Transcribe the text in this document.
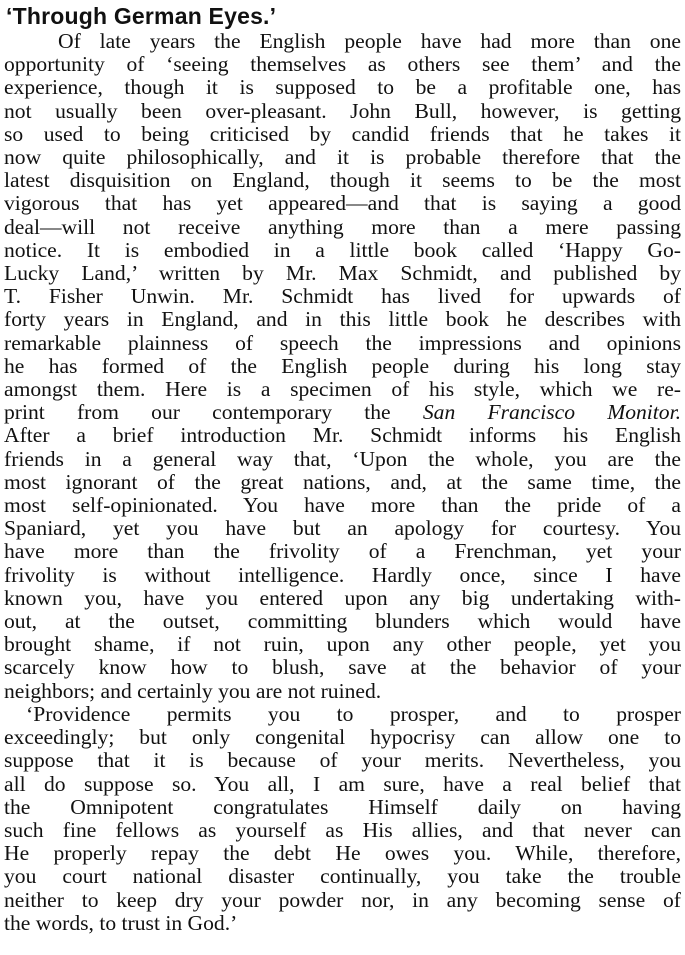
‘Through German Eyes.’
Of late years the English people have had more than one
opportunity of ‘seeing themselves as others see them’ and the
experience, though it is supposed to be a profitable one, has
not usually been over-pleasant. John Bull, however, is getting
so used to being criticised by candid friends that he takes it
now quite philosophically, and it is probable therefore that the
latest disquisition on England, though it seems to be the most
vigorous that has yet appeared—and that is saying a good
deal—will not receive anything more than a mere passing
notice. It is embodied in a little book called ‘Happy Go-
Lucky Land,’ written by Mr. Max Schmidt, and published by
T. Fisher Unwin. Mr. Schmidt has lived for upwards of
forty years in England, and in this little book he describes with
remarkable plainness of speech the impressions and opinions
he has formed of the English people during his long stay
amongst them. Here is a specimen of his style, which we re-
print from our contemporary the San Francisco Monitor.
After a brief introduction Mr. Schmidt informs his English
friends in a general way that, ‘Upon the whole, you are the
most ignorant of the great nations, and, at the same time, the
most self-opinionated. You have more than the pride of a
Spaniard, yet you have but an apology for courtesy. You
have more than the frivolity of a Frenchman, yet your
frivolity is without intelligence. Hardly once, since I have
known you, have you entered upon any big undertaking with-
out, at the outset, committing blunders which would have
brought shame, if not ruin, upon any other people, yet you
scarcely know how to blush, save at the behavior of your
neighbors; and certainly you are not ruined.
‘Providence permits you to prosper, and to prosper
exceedingly; but only congenital hypocrisy can allow one to
suppose that it is because of your merits. Nevertheless, you
all do suppose so. You all, I am sure, have a real belief that
the Omnipotent congratulates Himself daily on having
such fine fellows as yourself as His allies, and that never can
He properly repay the debt He owes you. While, therefore,
you court national disaster continually, you take the trouble
neither to keep dry your powder nor, in any becoming sense of
the words, to trust in God.’
